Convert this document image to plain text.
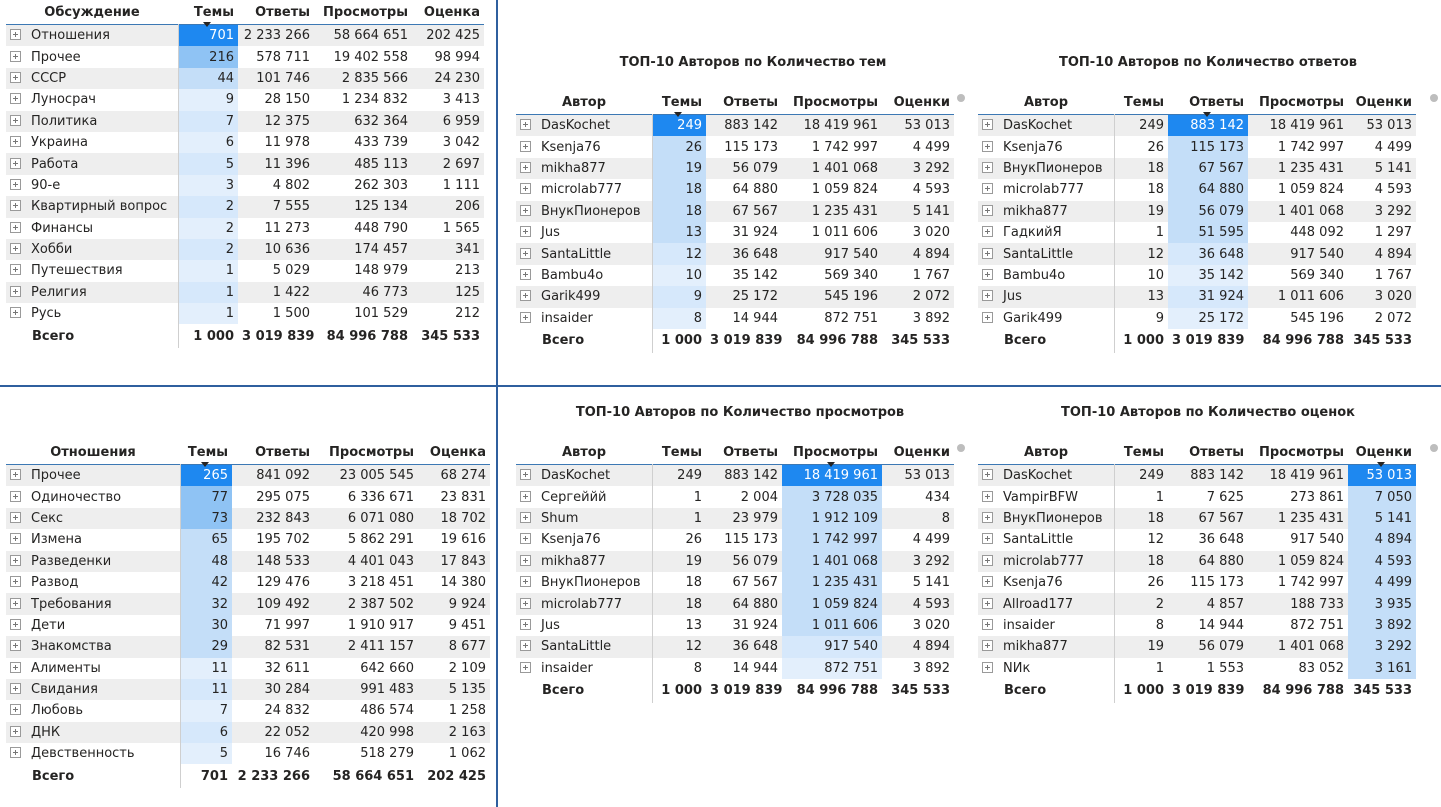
Обсуждение	Темы	Ответы	Просмотры	Оценка
Отношения	701	2 233 266	58 664 651	202 425
Прочее	216	578 711	19 402 558	98 994
СССР	44	101 746	2 835 566	24 230
Луносрач	9	28 150	1 234 832	3 413
Политика	7	12 375	632 364	6 959
Украина	6	11 978	433 739	3 042
Работа	5	11 396	485 113	2 697
90-е	3	4 802	262 303	1 111
Квартирный вопрос	2	7 555	125 134	206
Финансы	2	11 273	448 790	1 565
Хобби	2	10 636	174 457	341
Путешествия	1	5 029	148 979	213
Религия	1	1 422	46 773	125
Русь	1	1 500	101 529	212
Всего	1 000	3 019 839	84 996 788	345 533
Отношения	Темы	Ответы	Просмотры	Оценка
Прочее	265	841 092	23 005 545	68 274
Одиночество	77	295 075	6 336 671	23 831
Секс	73	232 843	6 071 080	18 702
Измена	65	195 702	5 862 291	19 616
Разведенки	48	148 533	4 401 043	17 843
Развод	42	129 476	3 218 451	14 380
Требования	32	109 492	2 387 502	9 924
Дети	30	71 997	1 910 917	9 451
Знакомства	29	82 531	2 411 157	8 677
Алименты	11	32 611	642 660	2 109
Свидания	11	30 284	991 483	5 135
Любовь	7	24 832	486 574	1 258
ДНК	6	22 052	420 998	2 163
Девственность	5	16 746	518 279	1 062
Всего	701	2 233 266	58 664 651	202 425
ТОП-10 Авторов по Количество тем
Автор	Темы	Ответы	Просмотры	Оценки
DasKochet	249	883 142	18 419 961	53 013
Ksenja76	26	115 173	1 742 997	4 499
mikha877	19	56 079	1 401 068	3 292
microlab777	18	64 880	1 059 824	4 593
ВнукПионеров	18	67 567	1 235 431	5 141
Jus	13	31 924	1 011 606	3 020
SantaLittle	12	36 648	917 540	4 894
Bambu4o	10	35 142	569 340	1 767
Garik499	9	25 172	545 196	2 072
insaider	8	14 944	872 751	3 892
Всего	1 000	3 019 839	84 996 788	345 533
ТОП-10 Авторов по Количество ответов
Автор	Темы	Ответы	Просмотры	Оценки
DasKochet	249	883 142	18 419 961	53 013
Ksenja76	26	115 173	1 742 997	4 499
ВнукПионеров	18	67 567	1 235 431	5 141
microlab777	18	64 880	1 059 824	4 593
mikha877	19	56 079	1 401 068	3 292
ГадкийЯ	1	51 595	448 092	1 297
SantaLittle	12	36 648	917 540	4 894
Bambu4o	10	35 142	569 340	1 767
Jus	13	31 924	1 011 606	3 020
Garik499	9	25 172	545 196	2 072
Всего	1 000	3 019 839	84 996 788	345 533
ТОП-10 Авторов по Количество просмотров
Автор	Темы	Ответы	Просмотры	Оценки
DasKochet	249	883 142	18 419 961	53 013
Сергеййй	1	2 004	3 728 035	434
Shum	1	23 979	1 912 109	8
Ksenja76	26	115 173	1 742 997	4 499
mikha877	19	56 079	1 401 068	3 292
ВнукПионеров	18	67 567	1 235 431	5 141
microlab777	18	64 880	1 059 824	4 593
Jus	13	31 924	1 011 606	3 020
SantaLittle	12	36 648	917 540	4 894
insaider	8	14 944	872 751	3 892
Всего	1 000	3 019 839	84 996 788	345 533
ТОП-10 Авторов по Количество оценок
Автор	Темы	Ответы	Просмотры	Оценки

DasKochet	249	883 142	18 419 961	53 013
VampirBFW	1	7 625	273 861	7 050
ВнукПионеров	18	67 567	1 235 431	5 141
SantaLittle	12	36 648	917 540	4 894
microlab777	18	64 880	1 059 824	4 593
Ksenja76	26	115 173	1 742 997	4 499
Allroad177	2	4 857	188 733	3 935
insaider	8	14 944	872 751	3 892
mikha877	19	56 079	1 401 068	3 292
NИк	1	1 553	83 052	3 161
Всего	1 000	3 019 839	84 996 788	345 533
